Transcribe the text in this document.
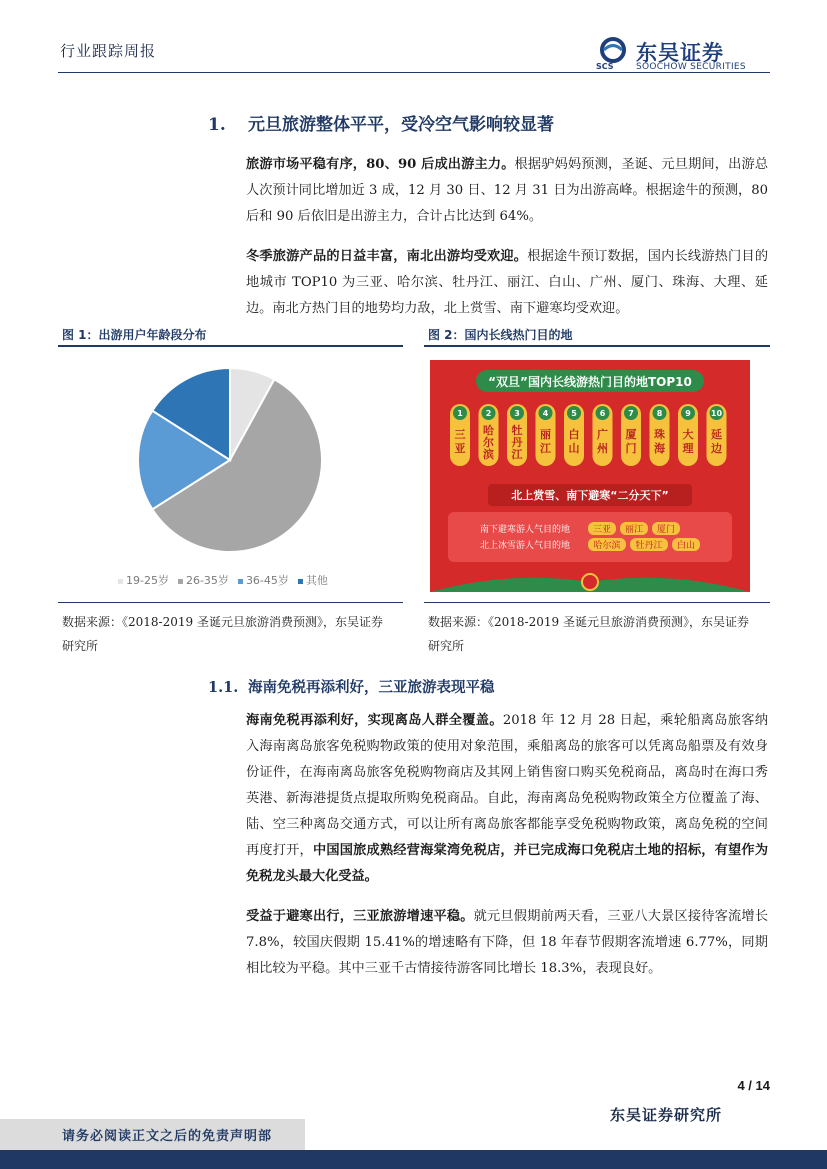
行业跟踪周报
SCS
东吴证券
SOOCHOW SECURITIES
1. 元旦旅游整体平平，受冷空气影响较显著

旅游市场平稳有序，80、90 后成出游主力。根据驴妈妈预测，圣诞、元旦期间，出游总人次预计同比增加近 3 成，12 月 30 日、12 月 31 日为出游高峰。根据途牛的预测，80 后和 90 后依旧是出游主力，合计占比达到 64%。

冬季旅游产品的日益丰富，南北出游均受欢迎。根据途牛预订数据，国内长线游热门目的地城市 TOP10 为三亚、哈尔滨、牡丹江、丽江、白山、广州、厦门、珠海、大理、延边。南北方热门目的地势均力敌，北上赏雪、南下避寒均受欢迎。

图 1：出游用户年龄段分布
19-25岁 26-35岁 36-45岁 其他
数据来源：《2018-2019 圣诞元旦旅游消费预测》，东吴证券研究所
图 2：国内长线热门目的地
“双旦”国内长线游热门目的地TOP10
1
三亚
2
哈尔滨
3
牡丹江
4
丽江
5
白山
6
广州
7
厦门
8
珠海
9
大理
10
延边
北上赏雪、南下避寒“二分天下”
南下避寒游人气目的地	三亚 丽江 厦门
北上冰雪游人气目的地	哈尔滨 牡丹江 白山
数据来源：《2018-2019 圣诞元旦旅游消费预测》，东吴证券研究所
1.1. 海南免税再添利好，三亚旅游表现平稳

海南免税再添利好，实现离岛人群全覆盖。2018 年 12 月 28 日起，乘轮船离岛旅客纳入海南离岛旅客免税购物政策的使用对象范围，乘船离岛的旅客可以凭离岛船票及有效身份证件，在海南离岛旅客免税购物商店及其网上销售窗口购买免税商品，离岛时在海口秀英港、新海港提货点提取所购免税商品。自此，海南离岛免税购物政策全方位覆盖了海、陆、空三种离岛交通方式，可以让所有离岛旅客都能享受免税购物政策，离岛免税的空间再度打开，中国国旅成熟经营海棠湾免税店，并已完成海口免税店土地的招标，有望作为免税龙头最大化受益。

受益于避寒出行，三亚旅游增速平稳。就元旦假期前两天看，三亚八大景区接待客流增长 7.8%，较国庆假期 15.41%的增速略有下降，但 18 年春节假期客流增速 6.77%，同期相比较为平稳。其中三亚千古情接待游客同比增长 18.3%，表现良好。

4 / 14
东吴证券研究所
请务必阅读正文之后的免责声明部
